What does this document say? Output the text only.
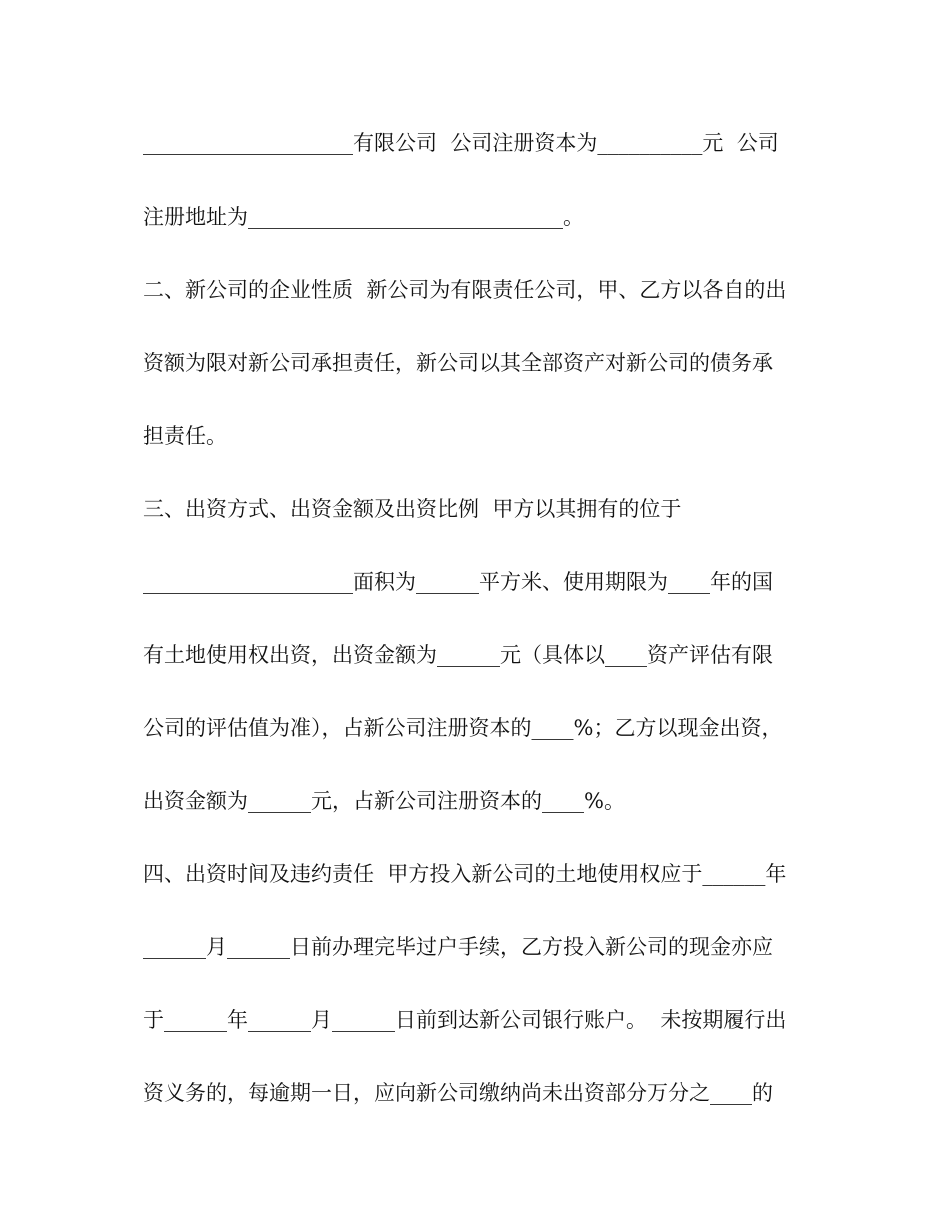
____________________有限公司  公司注册资本为__________元  公司
注册地址为______________________________。
二、新公司的企业性质  新公司为有限责任公司，甲、乙方以各自的出
资额为限对新公司承担责任，新公司以其全部资产对新公司的债务承
担责任。
三、出资方式、出资金额及出资比例  甲方以其拥有的位于
____________________面积为______平方米、使用期限为____年的国
有土地使用权出资，出资金额为______元（具体以____资产评估有限
公司的评估值为准），占新公司注册资本的____%；乙方以现金出资，
出资金额为______元，占新公司注册资本的____%。
四、出资时间及违约责任  甲方投入新公司的土地使用权应于______年
______月______日前办理完毕过户手续，乙方投入新公司的现金亦应
于______年______月______日前到达新公司银行账户。  未按期履行出
资义务的，每逾期一日，应向新公司缴纳尚未出资部分万分之____的
